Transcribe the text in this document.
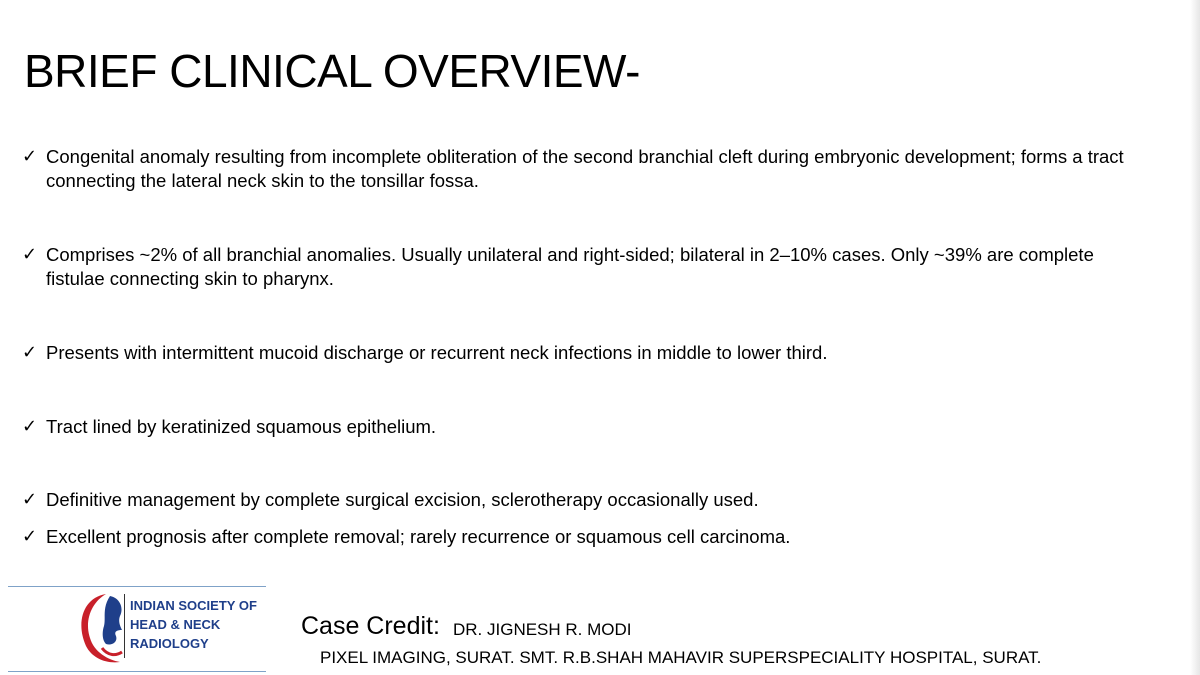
BRIEF CLINICAL OVERVIEW-
✓ Congenital anomaly resulting from incomplete obliteration of the second branchial cleft during embryonic development; forms a tract connecting the lateral neck skin to the tonsillar fossa.
✓ Comprises ~2% of all branchial anomalies. Usually unilateral and right-sided; bilateral in 2–10% cases. Only ~39% are complete fistulae connecting skin to pharynx.
✓ Presents with intermittent mucoid discharge or recurrent neck infections in middle to lower third.
✓ Tract lined by keratinized squamous epithelium.
✓ Definitive management by complete surgical excision, sclerotherapy occasionally used.
✓ Excellent prognosis after complete removal; rarely recurrence or squamous cell carcinoma.
INDIAN SOCIETY OF
HEAD & NECK
RADIOLOGY
Case Credit: DR. JIGNESH R. MODI
PIXEL IMAGING, SURAT. SMT. R.B.SHAH MAHAVIR SUPERSPECIALITY HOSPITAL, SURAT.
